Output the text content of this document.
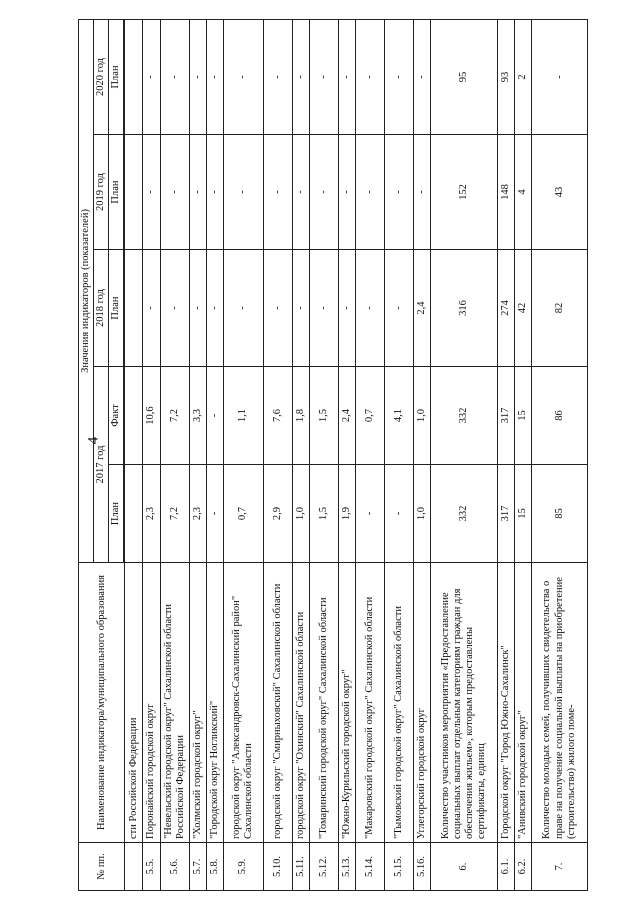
4
№ пп.	Наименование индикатора/муниципального образования	Значения индикаторов (показателей)				
		2017 год		2018 год	2019 год	2020 год
		План	Факт	План	План	План

	сти Российской Федерации					
5.5.	Поронайский городской округ	2,3	10,6	-	-	-
5.6.	"Невельский городской округ" Сахалинской области Российской Федерации	7,2	7,2	-	-	-
5.7.	"Холмский городской округ"	2,3	3,3	-	-	-
5.8.	"Городской округ Ногликский"	-	-	-	-	-
5.9.	городской округ "Александровск-Сахалинский район" Сахалинской области	0,7	1,1	-	-	-
5.10.	городской округ "Смирныховский" Сахалинской области	2,9	7,6	-	-	-
5.11.	городской округ "Охинский" Сахалинской области	1,0	1,8	-	-	-
5.12.	"Томаринский городской округ" Сахалинской области	1,5	1,5	-	-	-
5.13.	"Южно-Курильский городской округ"	1,9	2,4	-	-	-
5.14.	"Макаровский городской округ" Сахалинской области	-	0,7	-	-	-
5.15.	"Тымовский городской округ" Сахалинской области	-	4,1	-	-	-
5.16.	Углегорский городской округ	1,0	1,0	2,4	-	-
6.	Количество участников мероприятия «Предоставление социальных выплат отдельным категориям граждан для обеспечения жильем», которым предоставлены сертификаты, единиц	332	332	316	152	95
6.1.	Городской округ "Город Южно-Сахалинск"	317	317	274	148	93
6.2.	"Анивский городской округ"	15	15	42	4	2
7.	Количество молодых семей, получивших свидетельства о праве на получение социальной выплаты на приобретение (строительство) жилого поме-	85	86	82	43	-
